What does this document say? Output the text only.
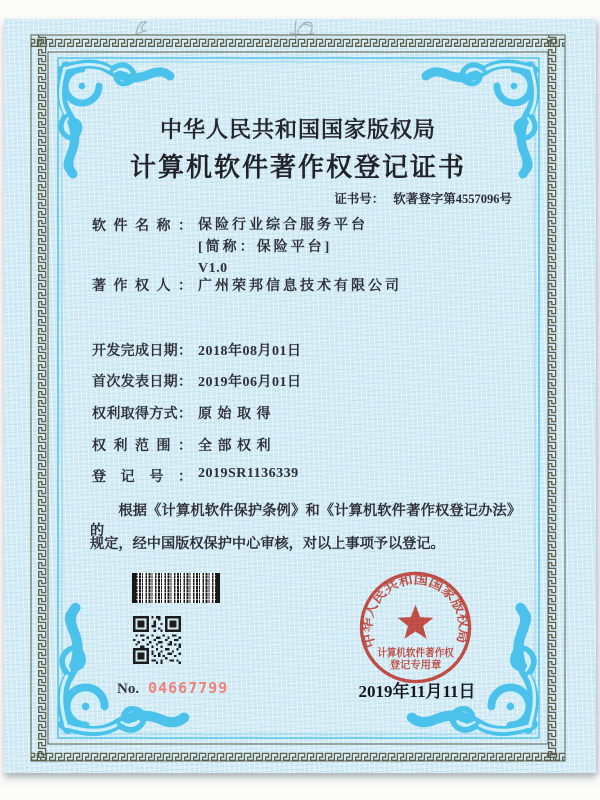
中华人民共和国国家版权局
计算机软件著作权登记证书
证书号： 软著登字第4557096号
软件名称： 保险行业综合服务平台
[简称：保险平台]
V1.0
著作权人： 广州荣邦信息技术有限公司
开发完成日期： 2018年08月01日
首次发表日期： 2019年06月01日
权利取得方式： 原始取得
权利范围： 全部权利
登记号： 2019SR1136339
根据《计算机软件保护条例》和《计算机软件著作权登记办法》的
规定，经中国版权保护中心审核，对以上事项予以登记。
No. 04667799
中华人民共和国国家版权局
计算机软件著作权
登记专用章
2019年11月11日
